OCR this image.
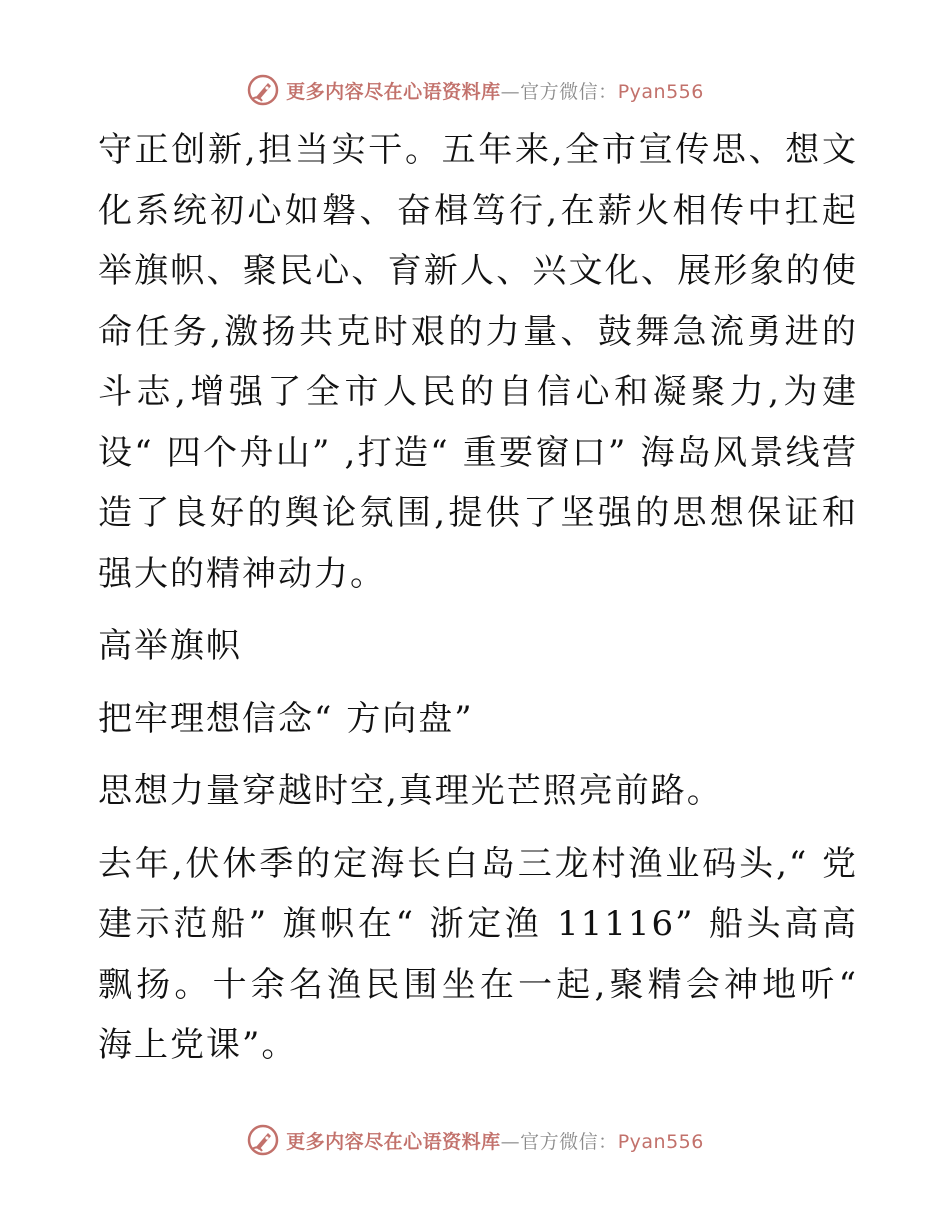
更多内容尽在心语资料库—官方微信：Pyan556

守正创新,担当实干。五年来,全市宣传思、想文化系统初心如磐、奋楫笃行,在薪火相传中扛起举旗帜、聚民心、育新人、兴文化、展形象的使命任务,激扬共克时艰的力量、鼓舞急流勇进的斗志,增强了全市人民的自信心和凝聚力,为建设“ 四个舟山” ,打造“ 重要窗口” 海岛风景线营造了良好的舆论氛围,提供了坚强的思想保证和强大的精神动力。

高举旗帜

把牢理想信念“ 方向盘”

思想力量穿越时空,真理光芒照亮前路。

去年,伏休季的定海长白岛三龙村渔业码头,“ 党建示范船” 旗帜在“ 浙定渔 11116” 船头高高飘扬。十余名渔民围坐在一起,聚精会神地听“ 海上党课”。

更多内容尽在心语资料库—官方微信：Pyan556
